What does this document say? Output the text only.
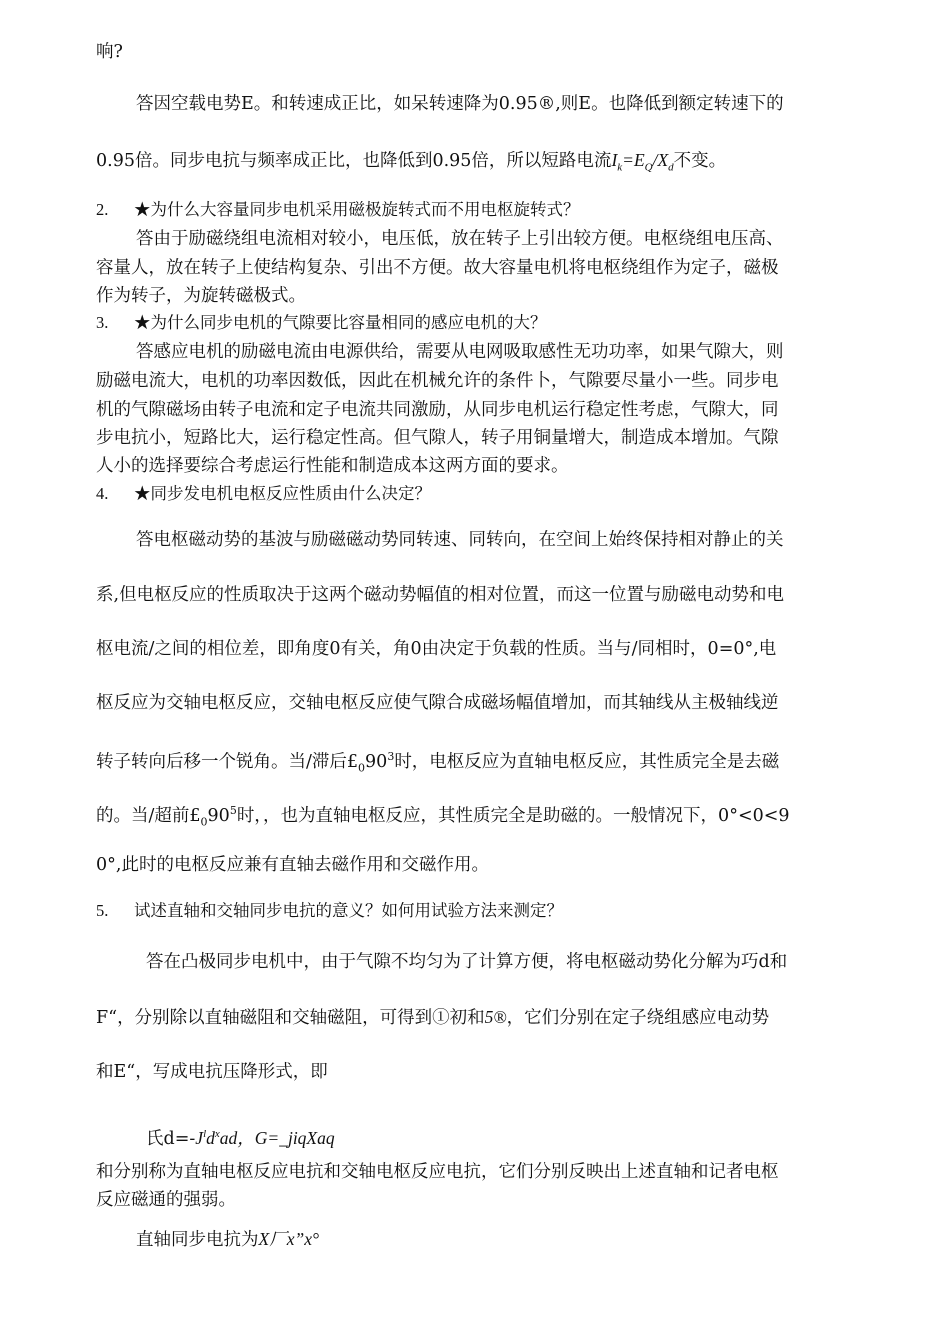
响?
答因空载电势E。和转速成正比，如呆转速降为0.95®,则E。也降低到额定转速下的
0.95倍。同步电抗与频率成正比，也降低到0.95倍，所以短路电流$I_k=E_Q/X_d$不变。
2. ★为什么大容量同步电机采用磁极旋转式而不用电枢旋转式？
答由于励磁绕组电流相对较小，电压低，放在转子上引出较方便。电枢绕组电压高、
容量人，放在转子上使结构复杂、引出不方便。故大容量电机将电枢绕组作为定子，磁极
作为转子，为旋转磁极式。
3. ★为什么同步电机的气隙要比容量相同的感应电机的大？
答感应电机的励磁电流由电源供给，需要从电网吸取感性无功功率，如果气隙大，则
励磁电流大，电机的功率因数低，因此在机械允许的条件卜，气隙要尽量小一些。同步电
机的气隙磁场由转子电流和定子电流共同激励，从同步电机运行稳定性考虑，气隙大，同
步电抗小，短路比大，运行稳定性高。但气隙人，转子用铜量增大，制造成本增加。气隙
人小的选择要综合考虑运行性能和制造成本这两方面的要求。
4. ★同步发电机电枢反应性质由什么决定？
答电枢磁动势的基波与励磁磁动势同转速、同转向，在空间上始终保持相对静止的关
系,但电枢反应的性质取决于这两个磁动势幅值的相对位置，而这一位置与励磁电动势和电
枢电流/之间的相位差，即角度0有关，角0由决定于负载的性质。当与/同相时，0=0°,电
枢反应为交轴电枢反应，交轴电枢反应使气隙合成磁场幅值增加，而其轴线从主极轴线逆
转子转向后移一个锐角。当/滞后$£_090^3$时，电枢反应为直轴电枢反应，其性质完全是去磁
的。当/超前$£_090^5$时，，也为直轴电枢反应，其性质完全是助磁的。一般情况下，0°<0<9
0°,此时的电枢反应兼有直轴去磁作用和交磁作用。
5. 试述直轴和交轴同步电抗的意义？如何用试验方法来测定？
答在凸极同步电机中，由于气隙不均匀为了计算方便，将电枢磁动势化分解为巧d和
F“，分别除以直轴磁阻和交轴磁阻，可得到①初和5®，它们分别在定子绕组感应电动势
和E“，写成电抗压降形式，即
氏$d=-J^ld^xad$，G=_jiqXaq
和分别称为直轴电枢反应电抗和交轴电枢反应电抗，它们分别反映出上述直轴和记者电枢
反应磁通的强弱。
直轴同步电抗为X厂x”x°
